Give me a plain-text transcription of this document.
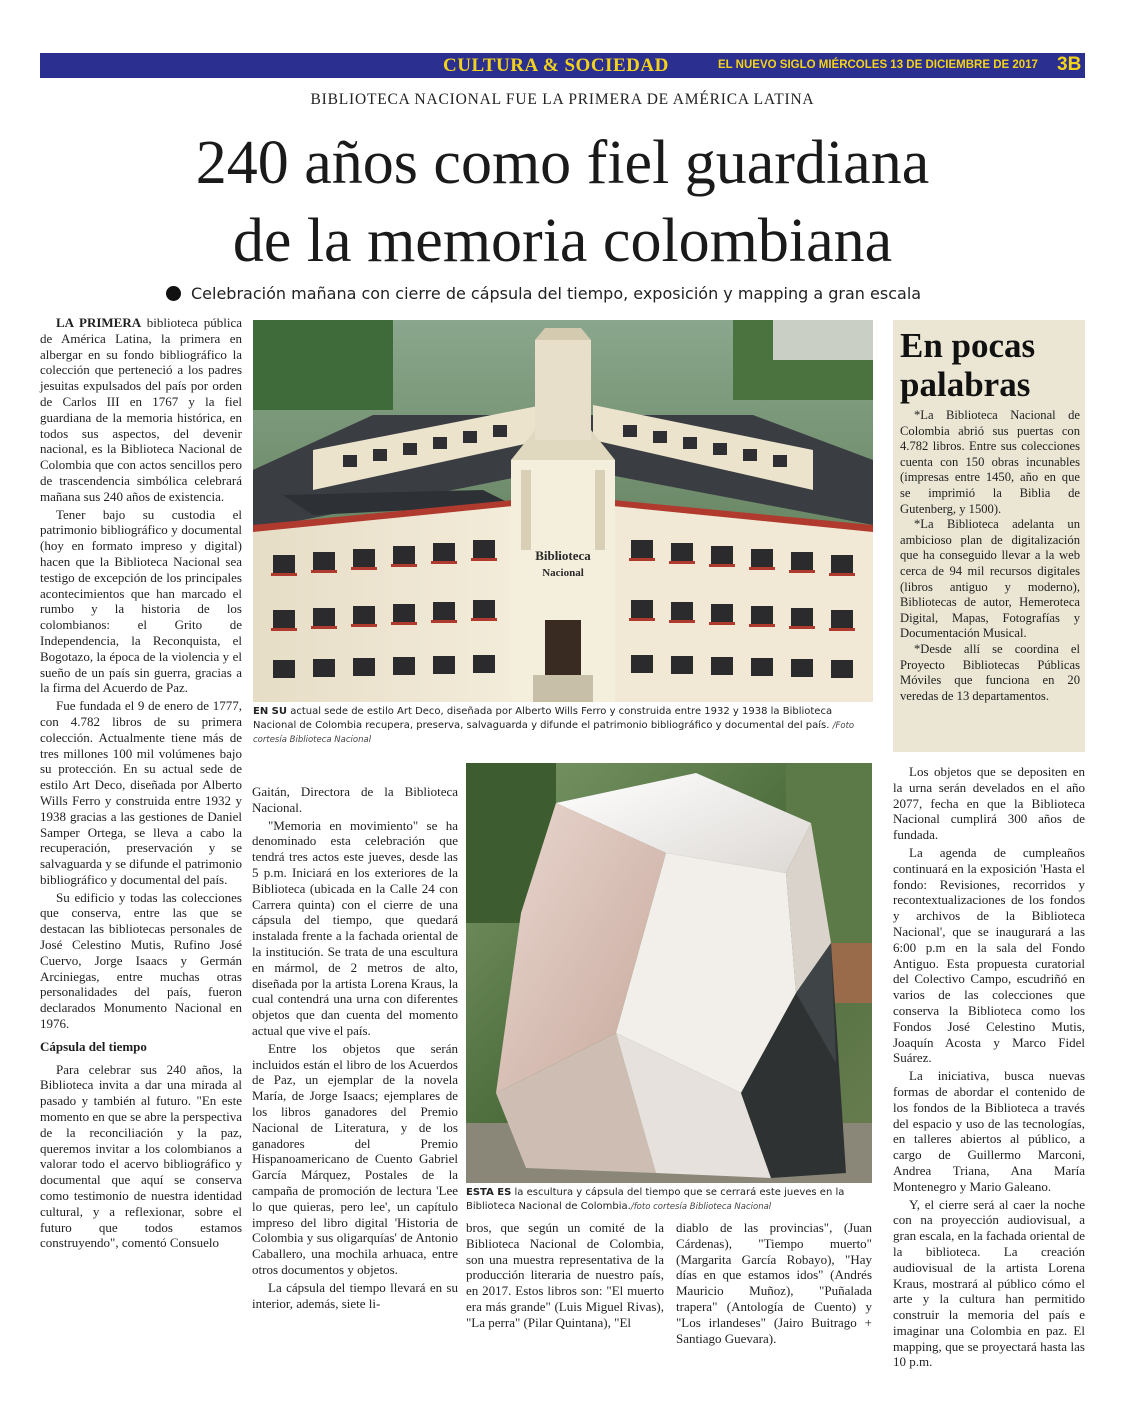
CULTURA & SOCIEDAD	EL NUEVO SIGLO MIÉRCOLES 13 DE DICIEMBRE DE 2017 3B
BIBLIOTECA NACIONAL FUE LA PRIMERA DE AMÉRICA LATINA
240 años como fiel guardiana
de la memoria colombiana
Celebración mañana con cierre de cápsula del tiempo, exposición y mapping a gran escala

LA PRIMERA biblioteca pública de América Latina, la primera en albergar en su fondo bibliográfico la colección que perteneció a los padres jesuitas expulsados del país por orden de Carlos III en 1767 y la fiel guardiana de la memoria histórica, en todos sus aspectos, del devenir nacional, es la Biblioteca Nacional de Colombia que con actos sencillos pero de trascendencia simbólica celebrará mañana sus 240 años de existencia.

Tener bajo su custodia el patrimonio bibliográfico y documental (hoy en formato impreso y digital) hacen que la Biblioteca Nacional sea testigo de excepción de los principales acontecimientos que han marcado el rumbo y la historia de los colombianos: el Grito de Independencia, la Reconquista, el Bogotazo, la época de la violencia y el sueño de un país sin guerra, gracias a la firma del Acuerdo de Paz.

Fue fundada el 9 de enero de 1777, con 4.782 libros de su primera colección. Actualmente tiene más de tres millones 100 mil volúmenes bajo su protección. En su actual sede de estilo Art Deco, diseñada por Alberto Wills Ferro y construida entre 1932 y 1938 gracias a las gestiones de Daniel Samper Ortega, se lleva a cabo la recuperación, preservación y se salvaguarda y se difunde el patrimonio bibliográfico y documental del país.

Su edificio y todas las colecciones que conserva, entre las que se destacan las bibliotecas personales de José Celestino Mutis, Rufino José Cuervo, Jorge Isaacs y Germán Arciniegas, entre muchas otras personalidades del país, fueron declarados Monumento Nacional en 1976.

Cápsula del tiempo

Para celebrar sus 240 años, la Biblioteca invita a dar una mirada al pasado y también al futuro. "En este momento en que se abre la perspectiva de la reconciliación y la paz, queremos invitar a los colombianos a valorar todo el acervo bibliográfico y documental que aquí se conserva como testimonio de nuestra identidad cultural, y a reflexionar, sobre el futuro que todos estamos construyendo", comentó Consuelo

Biblioteca
Nacional
EN SU actual sede de estilo Art Deco, diseñada por Alberto Wills Ferro y construida entre 1932 y 1938 la Biblioteca Nacional de Colombia recupera, preserva, salvaguarda y difunde el patrimonio bibliográfico y documental del país. /Foto cortesía Biblioteca Nacional
En pocas palabras

*La Biblioteca Nacional de Colombia abrió sus puertas con 4.782 libros. Entre sus colecciones cuenta con 150 obras incunables (impresas entre 1450, año en que se imprimió la Biblia de Gutenberg, y 1500).

*La Biblioteca adelanta un ambicioso plan de digitalización que ha conseguido llevar a la web cerca de 94 mil recursos digitales (libros antiguo y moderno), Bibliotecas de autor, Hemeroteca Digital, Mapas, Fotografías y Documentación Musical.

*Desde allí se coordina el Proyecto Bibliotecas Públicas Móviles que funciona en 20 veredas de 13 departamentos.

Gaitán, Directora de la Biblioteca Nacional.

"Memoria en movimiento" se ha denominado esta celebración que tendrá tres actos este jueves, desde las 5 p.m. Iniciará en los exteriores de la Biblioteca (ubicada en la Calle 24 con Carrera quinta) con el cierre de una cápsula del tiempo, que quedará instalada frente a la fachada oriental de la institución. Se trata de una escultura en mármol, de 2 metros de alto, diseñada por la artista Lorena Kraus, la cual contendrá una urna con diferentes objetos que dan cuenta del momento actual que vive el país.

Entre los objetos que serán incluidos están el libro de los Acuerdos de Paz, un ejemplar de la novela María, de Jorge Isaacs; ejemplares de los libros ganadores del Premio Nacional de Literatura, y de los ganadores del Premio Hispanoamericano de Cuento Gabriel García Márquez, Postales de la campaña de promoción de lectura 'Lee lo que quieras, pero lee', un capítulo impreso del libro digital 'Historia de Colombia y sus oligarquías' de Antonio Caballero, una mochila arhuaca, entre otros documentos y objetos.

La cápsula del tiempo llevará en su interior, además, siete li-

ESTA ES la escultura y cápsula del tiempo que se cerrará este jueves en la Biblioteca Nacional de Colombia./foto cortesía Biblioteca Nacional

bros, que según un comité de la Biblioteca Nacional de Colombia, son una muestra representativa de la producción literaria de nuestro país, en 2017. Estos libros son: "El muerto era más grande" (Luis Miguel Rivas), "La perra" (Pilar Quintana), "El

diablo de las provincias", (Juan Cárdenas), "Tiempo muerto" (Margarita García Robayo), "Hay días en que estamos idos" (Andrés Mauricio Muñoz), "Puñalada trapera" (Antología de Cuento) y "Los irlandeses" (Jairo Buitrago + Santiago Guevara).

Los objetos que se depositen en la urna serán develados en el año 2077, fecha en que la Biblioteca Nacional cumplirá 300 años de fundada.

La agenda de cumpleaños continuará en la exposición 'Hasta el fondo: Revisiones, recorridos y recontextualizaciones de los fondos y archivos de la Biblioteca Nacional', que se inaugurará a las 6:00 p.m en la sala del Fondo Antiguo. Esta propuesta curatorial del Colectivo Campo, escudriñó en varios de las colecciones que conserva la Biblioteca como los Fondos José Celestino Mutis, Joaquín Acosta y Marco Fidel Suárez.

La iniciativa, busca nuevas formas de abordar el contenido de los fondos de la Biblioteca a través del espacio y uso de las tecnologías, en talleres abiertos al público, a cargo de Guillermo Marconi, Andrea Triana, Ana María Montenegro y Mario Galeano.

Y, el cierre será al caer la noche con na proyección audiovisual, a gran escala, en la fachada oriental de la biblioteca. La creación audiovisual de la artista Lorena Kraus, mostrará al público cómo el arte y la cultura han permitido construir la memoria del país e imaginar una Colombia en paz. El mapping, que se proyectará hasta las 10 p.m.
